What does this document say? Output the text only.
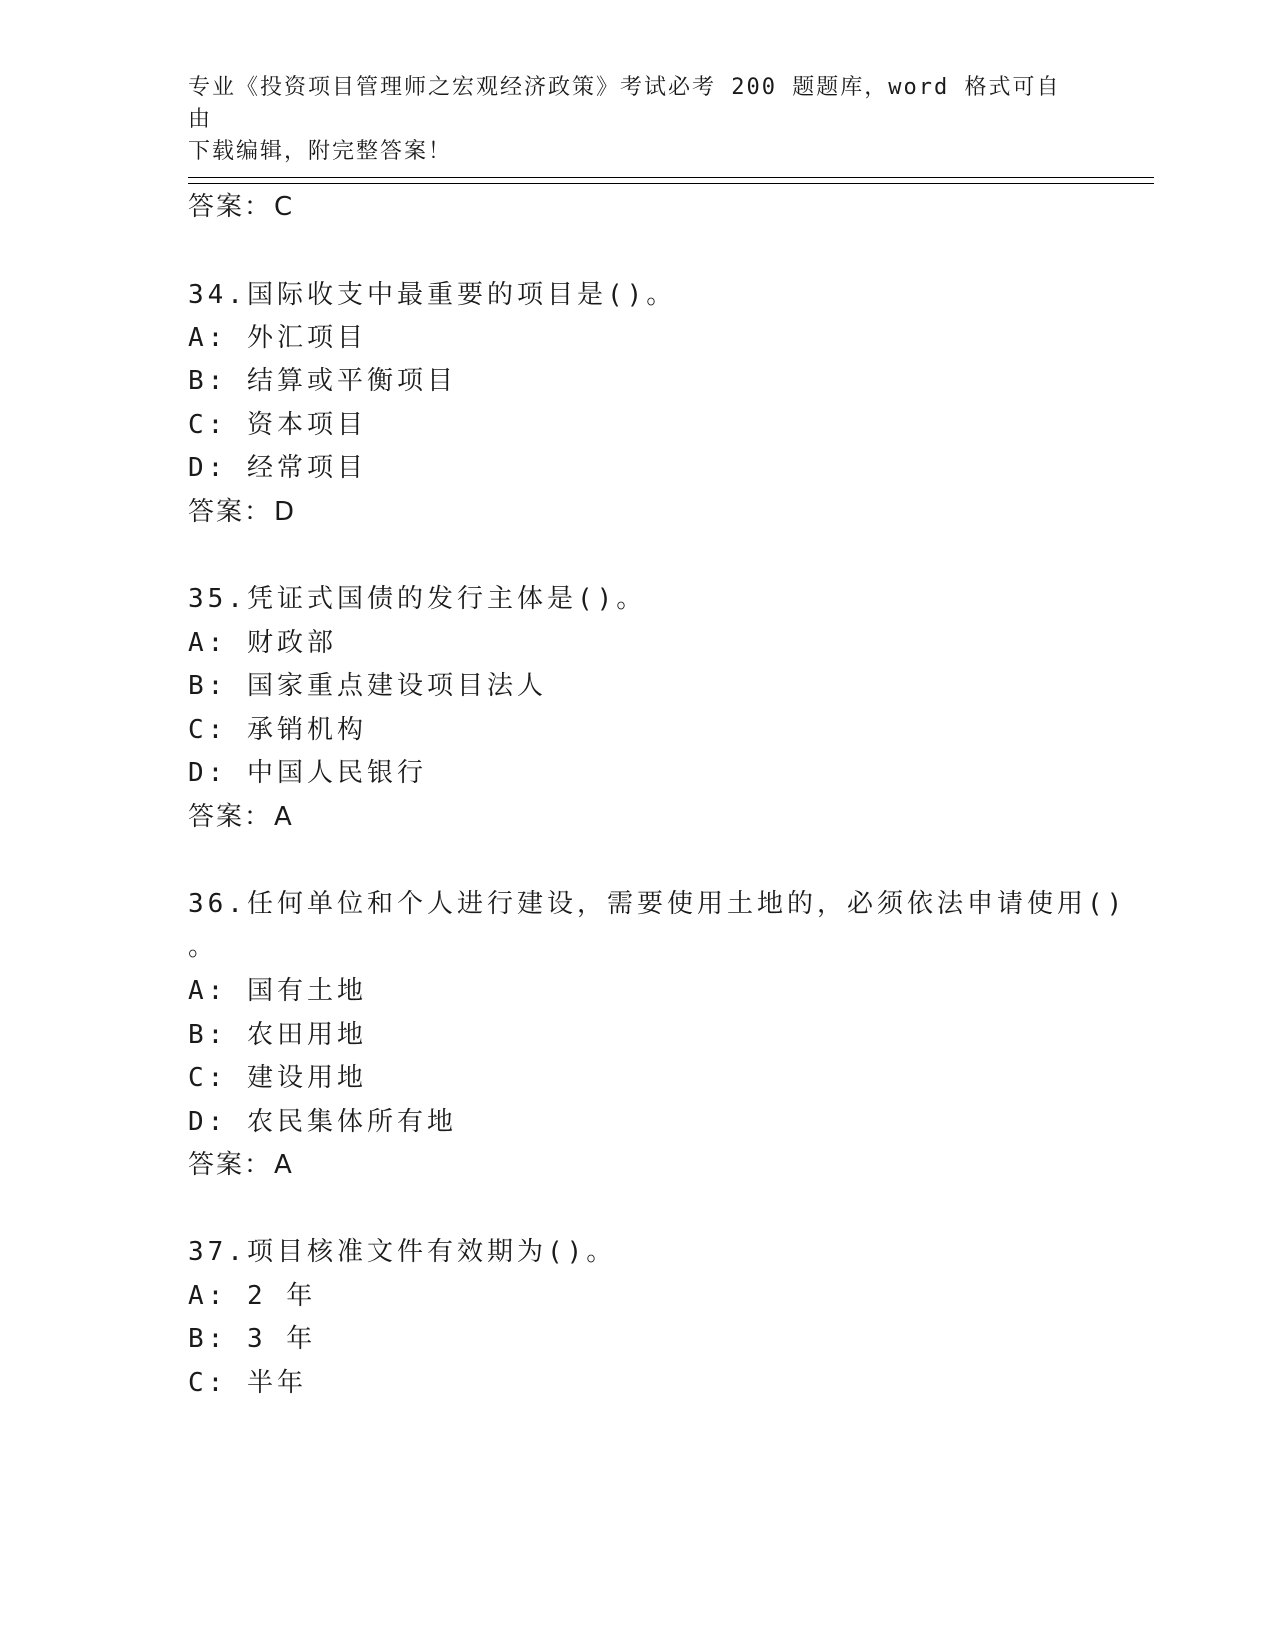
专业《投资项目管理师之宏观经济政策》考试必考 200 题题库，word 格式可自由
下载编辑，附完整答案！
答案：C
34.国际收支中最重要的项目是()。
A: 外汇项目
B: 结算或平衡项目
C: 资本项目
D: 经常项目
答案：D
35.凭证式国债的发行主体是()。
A: 财政部
B: 国家重点建设项目法人
C: 承销机构
D: 中国人民银行
答案：A
36.任何单位和个人进行建设，需要使用土地的，必须依法申请使用()
。
A: 国有土地
B: 农田用地
C: 建设用地
D: 农民集体所有地
答案：A
37.项目核准文件有效期为()。
A: 2 年
B: 3 年
C: 半年
